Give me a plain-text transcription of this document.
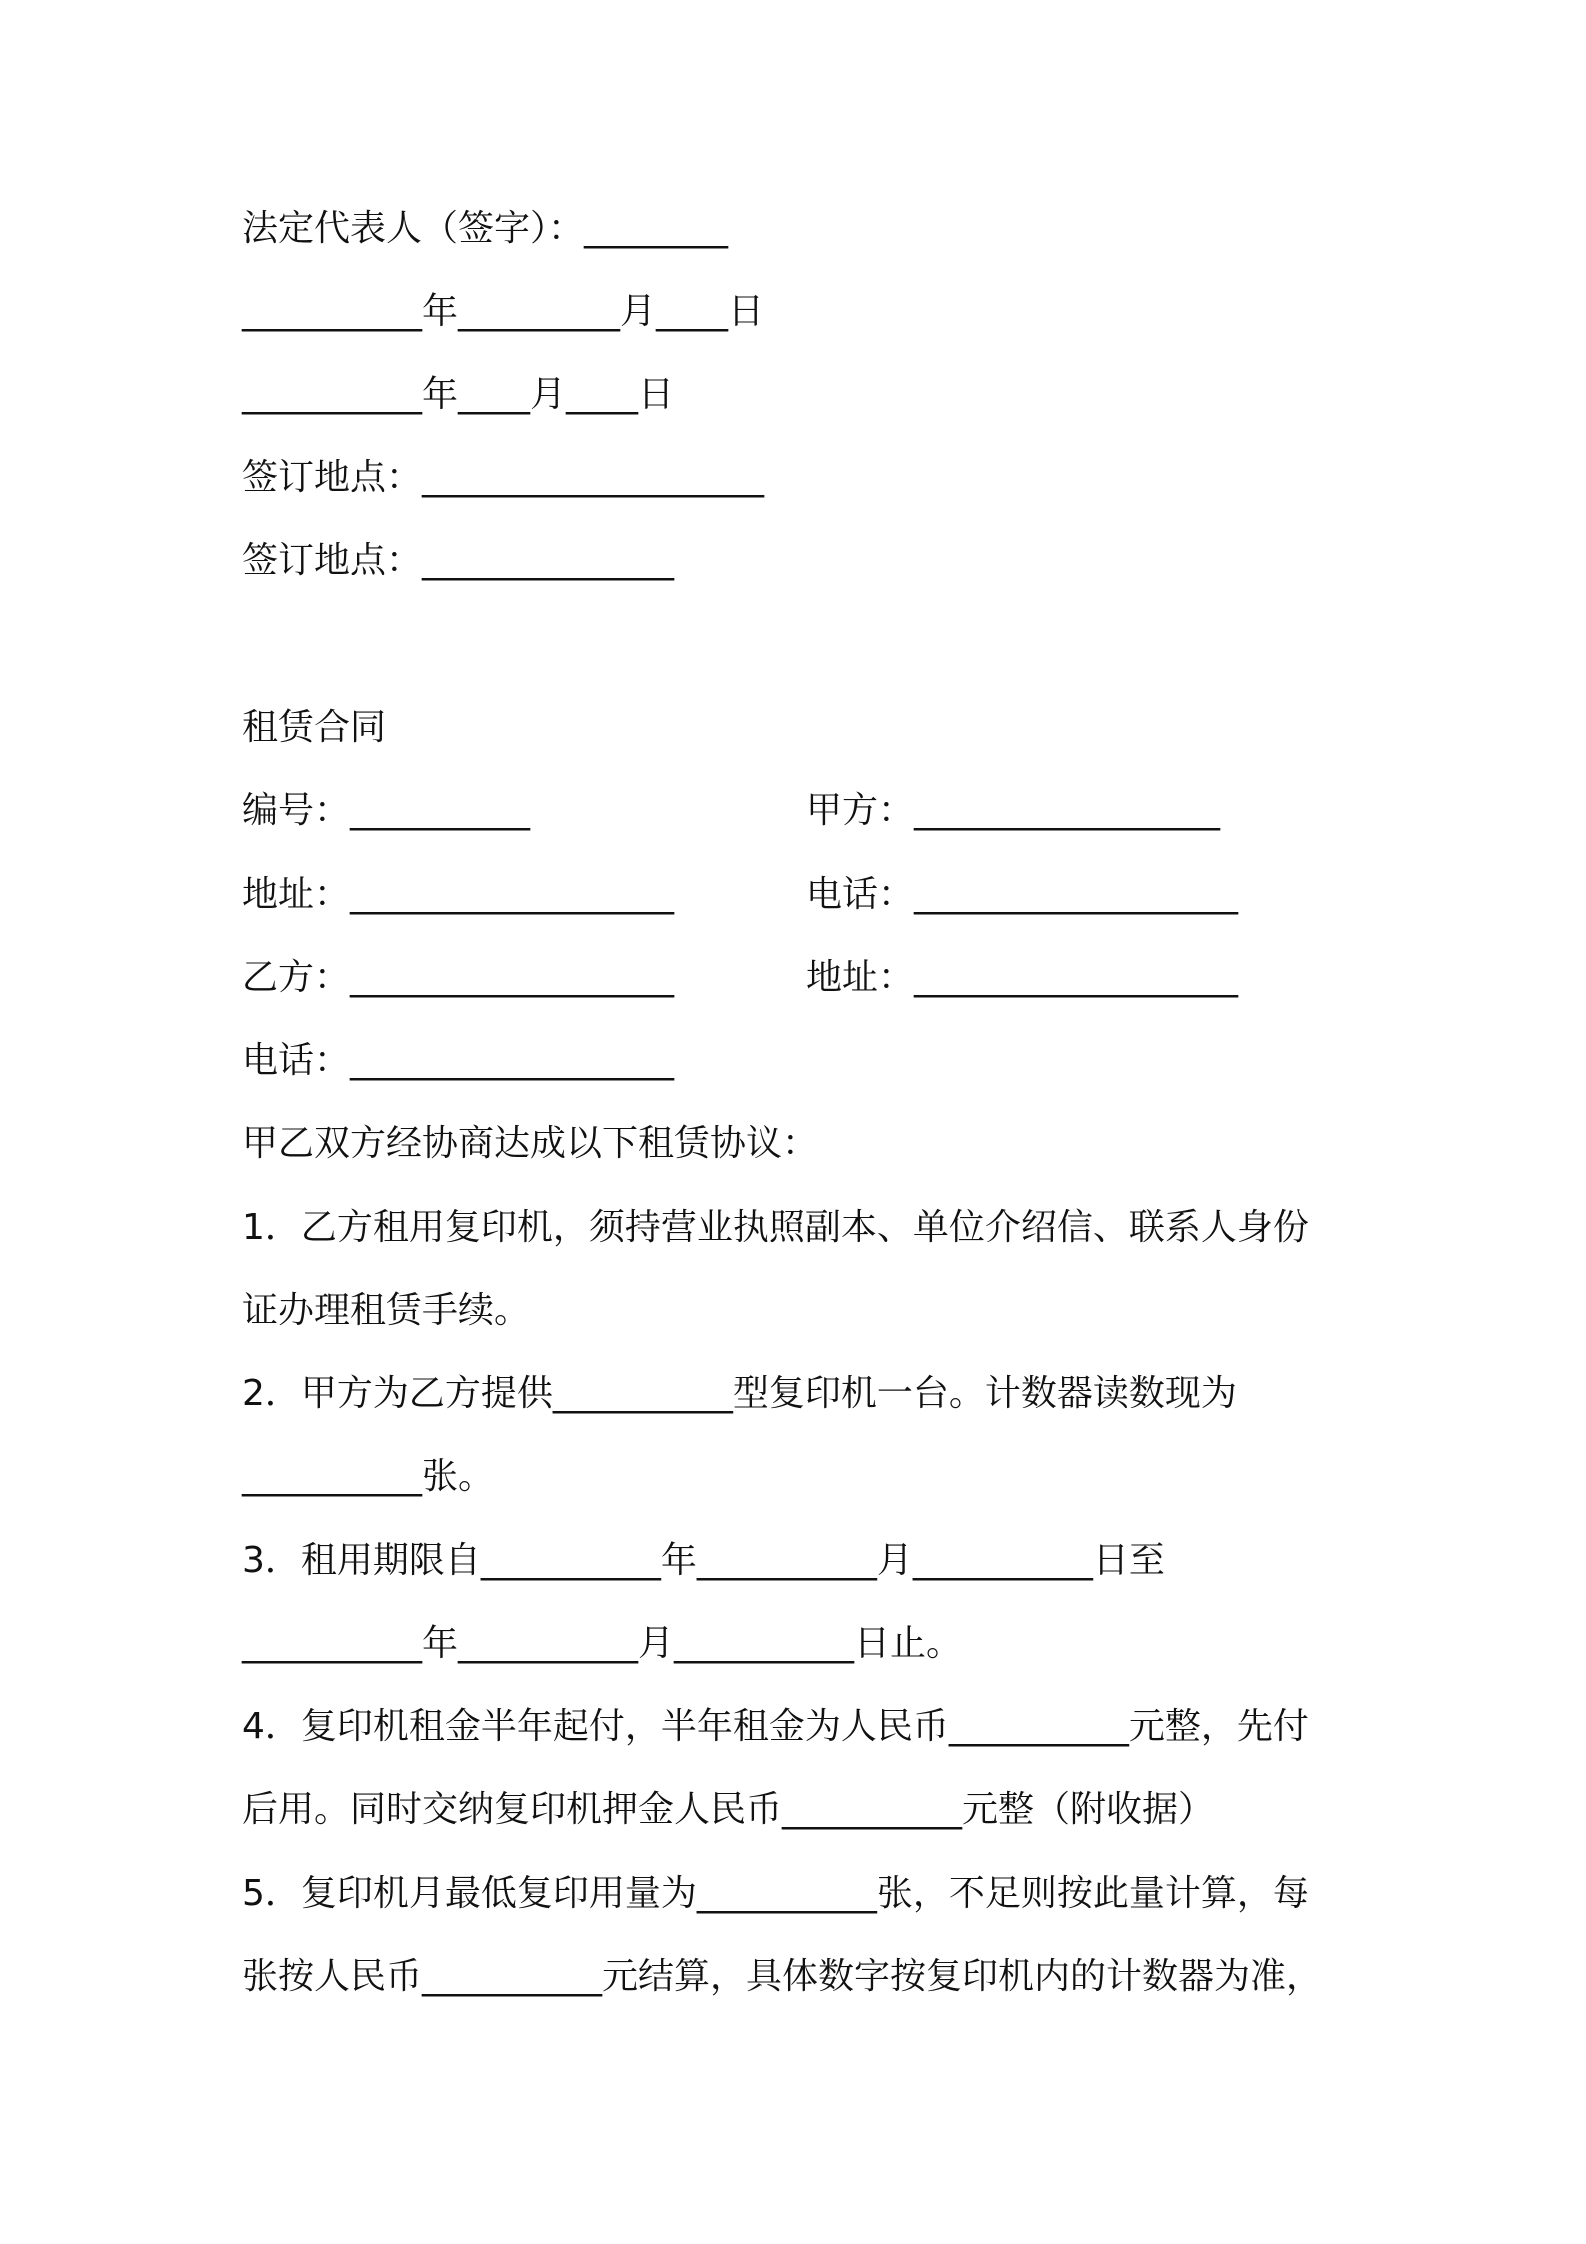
法定代表人（签字）：________
__________年_________月____日
__________年____月____日
签订地点：___________________
签订地点：______________
租赁合同
编号：__________	甲方：_________________
地址：__________________	电话：__________________
乙方：__________________	地址：__________________
电话：__________________
甲乙双方经协商达成以下租赁协议：
1．乙方租用复印机，须持营业执照副本、单位介绍信、联系人身份
证办理租赁手续。
2．甲方为乙方提供__________型复印机一台。计数器读数现为
__________张。
3．租用期限自__________年__________月__________日至
__________年__________月__________日止。
4．复印机租金半年起付，半年租金为人民币__________元整，先付
后用。同时交纳复印机押金人民币__________元整（附收据）
5．复印机月最低复印用量为__________张，不足则按此量计算，每
张按人民币__________元结算，具体数字按复印机内的计数器为准，
